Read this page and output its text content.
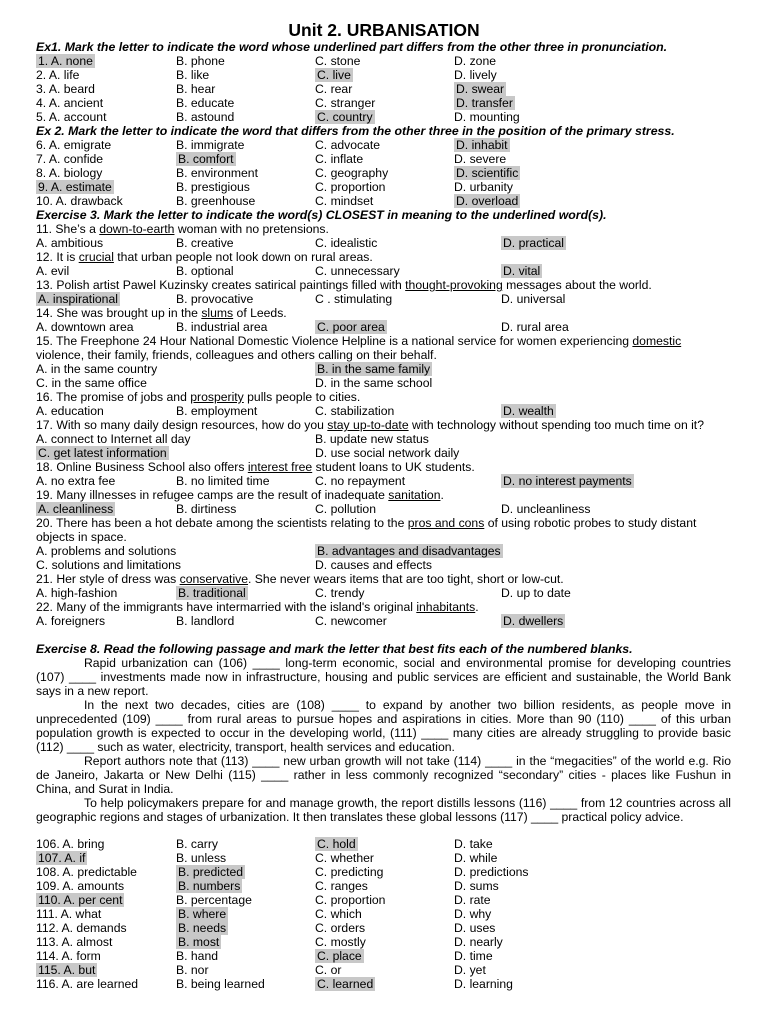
Unit 2. URBANISATION
Ex1. Mark the letter to indicate the word whose underlined part differs from the other three in pronunciation.
1. A. none	B. phone	C. stone	D. zone
2. A. life	B. like	C. live	D. lively
3. A. beard	B. hear	C. rear	D. swear
4. A. ancient	B. educate	C. stranger	D. transfer
5. A. account	B. astound	C. country	D. mounting
Ex 2. Mark the letter to indicate the word that differs from the other three in the position of the primary stress.
6. A. emigrate	B. immigrate	C. advocate	D. inhabit
7. A. confide	B. comfort	C. inflate	D. severe
8. A. biology	B. environment	C. geography	D. scientific
9. A. estimate	B. prestigious	C. proportion	D. urbanity
10. A. drawback	B. greenhouse	C. mindset	D. overload
Exercise 3. Mark the letter to indicate the word(s) CLOSEST in meaning to the underlined word(s).
11. She’s a down-to-earth woman with no pretensions.
A. ambitious	B. creative	C. idealistic	D. practical
12. It is crucial that urban people not look down on rural areas.
A. evil	B. optional	C. unnecessary	D. vital
13. Polish artist Pawel Kuzinsky creates satirical paintings filled with thought-provoking messages about the world.
A. inspirational	B. provocative	C . stimulating	D. universal
14. She was brought up in the slums of Leeds.
A. downtown area	B. industrial area	C. poor area	D. rural area
15. The Freephone 24 Hour National Domestic Violence Helpline is a national service for women experiencing domestic violence, their family, friends, colleagues and others calling on their behalf.
A. in the same country	B. in the same family
C. in the same office	D. in the same school
16. The promise of jobs and prosperity pulls people to cities.
A. education	B. employment	C. stabilization	D. wealth
17. With so many daily design resources, how do you stay up-to-date with technology without spending too much time on it?
A. connect to Internet all day	B. update new status
C. get latest information	D. use social network daily
18. Online Business School also offers interest free student loans to UK students.
A. no extra fee	B. no limited time	C. no repayment	D. no interest payments
19. Many illnesses in refugee camps are the result of inadequate sanitation.
A. cleanliness	B. dirtiness	C. pollution	D. uncleanliness
20. There has been a hot debate among the scientists relating to the pros and cons of using robotic probes to study distant objects in space.
A. problems and solutions	B. advantages and disadvantages
C. solutions and limitations	D. causes and effects
21. Her style of dress was conservative. She never wears items that are too tight, short or low-cut.
A. high-fashion	B. traditional	C. trendy	D. up to date
22. Many of the immigrants have intermarried with the island's original inhabitants.
A. foreigners	B. landlord	C. newcomer	D. dwellers
Exercise 8. Read the following passage and mark the letter that best fits each of the numbered blanks.
Rapid urbanization can (106) ____ long-term economic, social and environmental promise for developing countries (107) ____ investments made now in infrastructure, housing and public services are efficient and sustainable, the World Bank says in a new report.
In the next two decades, cities are (108) ____ to expand by another two billion residents, as people move in unprecedented (109) ____ from rural areas to pursue hopes and aspirations in cities. More than 90 (110) ____ of this urban population growth is expected to occur in the developing world, (111) ____ many cities are already struggling to provide basic (112) ____ such as water, electricity, transport, health services and education.
Report authors note that (113) ____ new urban growth will not take (114) ____ in the “megacities” of the world e.g. Rio de Janeiro, Jakarta or New Delhi (115) ____ rather in less commonly recognized “secondary” cities - places like Fushun in China, and Surat in India.
To help policymakers prepare for and manage growth, the report distills lessons (116) ____ from 12 countries across all geographic regions and stages of urbanization. It then translates these global lessons (117) ____ practical policy advice.
106. A. bring	B. carry	C. hold	D. take
107. A. if	B. unless	C. whether	D. while
108. A. predictable	B. predicted	C. predicting	D. predictions
109. A. amounts	B. numbers	C. ranges	D. sums
110. A. per cent	B. percentage	C. proportion	D. rate
111. A. what	B. where	C. which	D. why
112. A. demands	B. needs	C. orders	D. uses
113. A. almost	B. most	C. mostly	D. nearly
114. A. form	B. hand	C. place	D. time
115. A. but	B. nor	C. or	D. yet
116. A. are learned	B. being learned	C. learned	D. learning
